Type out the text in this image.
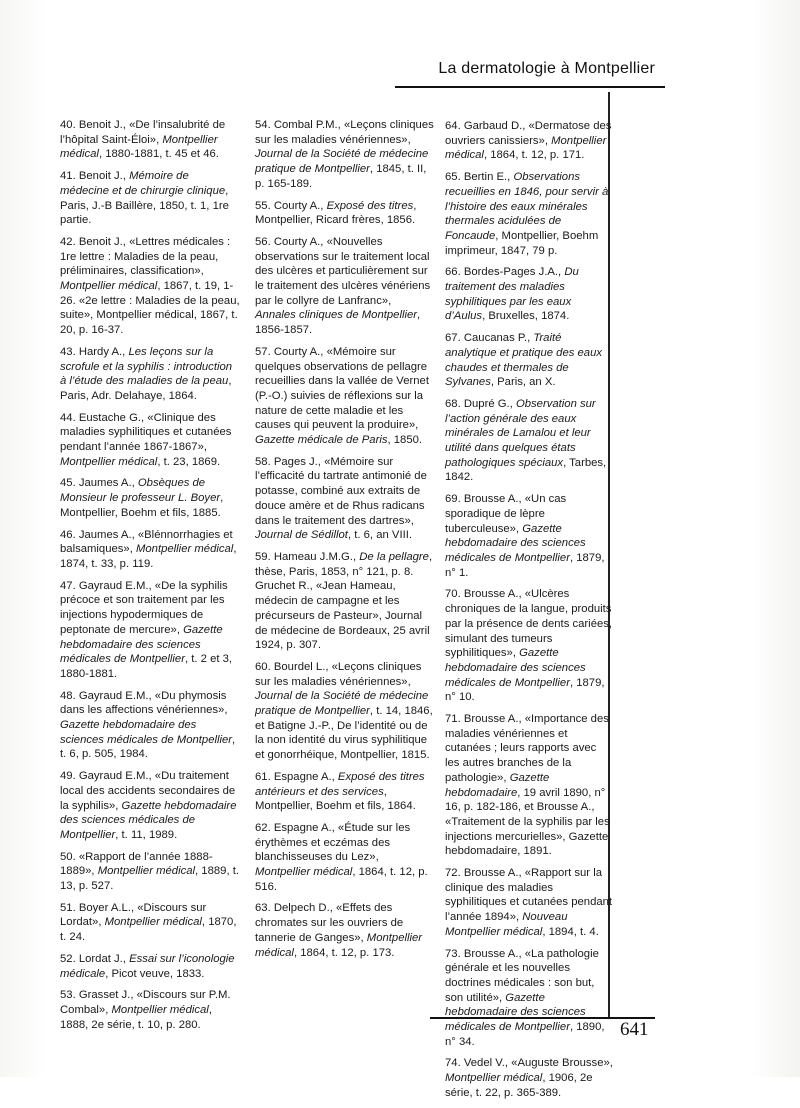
La dermatologie à Montpellier
641

40. Benoit J., «De l’insalubrité de l’hôpital Saint-Éloi», Montpellier médical, 1880-1881, t. 45 et 46.

41. Benoit J., Mémoire de médecine et de chirurgie clinique, Paris, J.-B Baillère, 1850, t. 1, 1re partie.

42. Benoit J., «Lettres médicales : 1re lettre : Maladies de la peau, préliminaires, classification», Montpellier médical, 1867, t. 19, 1-26. «2e lettre : Maladies de la peau, suite», Montpellier médical, 1867, t. 20, p. 16-37.

43. Hardy A., Les leçons sur la scrofule et la syphilis : introduction à l’étude des maladies de la peau, Paris, Adr. Delahaye, 1864.

44. Eustache G., «Clinique des maladies syphilitiques et cutanées pendant l’année 1867-1867», Montpellier médical, t. 23, 1869.

45. Jaumes A., Obsèques de Monsieur le professeur L. Boyer, Montpellier, Boehm et fils, 1885.

46. Jaumes A., «Blénnorrhagies et balsamiques», Montpellier médical, 1874, t. 33, p. 119.

47. Gayraud E.M., «De la syphilis précoce et son traitement par les injections hypodermiques de peptonate de mercure», Gazette hebdomadaire des sciences médicales de Montpellier, t. 2 et 3, 1880-1881.

48. Gayraud E.M., «Du phymosis dans les affections vénériennes», Gazette hebdomadaire des sciences médicales de Montpellier, t. 6, p. 505, 1984.

49. Gayraud E.M., «Du traitement local des accidents secondaires de la syphilis», Gazette hebdomadaire des sciences médicales de Montpellier, t. 11, 1989.

50. «Rapport de l’année 1888-1889», Montpellier médical, 1889, t. 13, p. 527.

51. Boyer A.L., «Discours sur Lordat», Montpellier médical, 1870, t. 24.

52. Lordat J., Essai sur l’iconologie médicale, Picot veuve, 1833.

53. Grasset J., «Discours sur P.M. Combal», Montpellier médical, 1888, 2e série, t. 10, p. 280.

54. Combal P.M., «Leçons cliniques sur les maladies vénériennes», Journal de la Société de médecine pratique de Montpellier, 1845, t. II, p. 165-189.

55. Courty A., Exposé des titres, Montpellier, Ricard frères, 1856.

56. Courty A., «Nouvelles observations sur le traitement local des ulcères et particulièrement sur le traitement des ulcères vénériens par le collyre de Lanfranc», Annales cliniques de Montpellier, 1856-1857.

57. Courty A., «Mémoire sur quelques observations de pellagre recueillies dans la vallée de Vernet (P.-O.) suivies de réflexions sur la nature de cette maladie et les causes qui peuvent la produire», Gazette médicale de Paris, 1850.

58. Pages J., «Mémoire sur l’efficacité du tartrate antimonié de potasse, combiné aux extraits de douce amère et de Rhus radicans dans le traitement des dartres», Journal de Sédillot, t. 6, an VIII.

59. Hameau J.M.G., De la pellagre, thèse, Paris, 1853, n° 121, p. 8. Gruchet R., «Jean Hameau, médecin de campagne et les précurseurs de Pasteur», Journal de médecine de Bordeaux, 25 avril 1924, p. 307.

60. Bourdel L., «Leçons cliniques sur les maladies vénériennes», Journal de la Société de médecine pratique de Montpellier, t. 14, 1846, et Batigne J.-P., De l’identité ou de la non identité du virus syphilitique et gonorrhéique, Montpellier, 1815.

61. Espagne A., Exposé des titres antérieurs et des services, Montpellier, Boehm et fils, 1864.

62. Espagne A., «Étude sur les érythèmes et eczémas des blanchisseuses du Lez», Montpellier médical, 1864, t. 12, p. 516.

63. Delpech D., «Effets des chromates sur les ouvriers de tannerie de Ganges», Montpellier médical, 1864, t. 12, p. 173.

64. Garbaud D., «Dermatose des ouvriers canissiers», Montpellier médical, 1864, t. 12, p. 171.

65. Bertin E., Observations recueillies en 1846, pour servir à l’histoire des eaux minérales thermales acidulées de Foncaude, Montpellier, Boehm imprimeur, 1847, 79 p.

66. Bordes-Pages J.A., Du traitement des maladies syphilitiques par les eaux d’Aulus, Bruxelles, 1874.

67. Caucanas P., Traité analytique et pratique des eaux chaudes et thermales de Sylvanes, Paris, an X.

68. Dupré G., Observation sur l’action générale des eaux minérales de Lamalou et leur utilité dans quelques états pathologiques spéciaux, Tarbes, 1842.

69. Brousse A., «Un cas sporadique de lèpre tuberculeuse», Gazette hebdomadaire des sciences médicales de Montpellier, 1879, n° 1.

70. Brousse A., «Ulcères chroniques de la langue, produits par la présence de dents cariées, simulant des tumeurs syphilitiques», Gazette hebdomadaire des sciences médicales de Montpellier, 1879, n° 10.

71. Brousse A., «Importance des maladies vénériennes et cutanées ; leurs rapports avec les autres branches de la pathologie», Gazette hebdomadaire, 19 avril 1890, n° 16, p. 182-186, et Brousse A., «Traitement de la syphilis par les injections mercurielles», Gazette hebdomadaire, 1891.

72. Brousse A., «Rapport sur la clinique des maladies syphilitiques et cutanées pendant l’année 1894», Nouveau Montpellier médical, 1894, t. 4.

73. Brousse A., «La pathologie générale et les nouvelles doctrines médicales : son but, son utilité», Gazette hebdomadaire des sciences médicales de Montpellier, 1890, n° 34.

74. Vedel V., «Auguste Brousse», Montpellier médical, 1906, 2e série, t. 22, p. 365-389.
